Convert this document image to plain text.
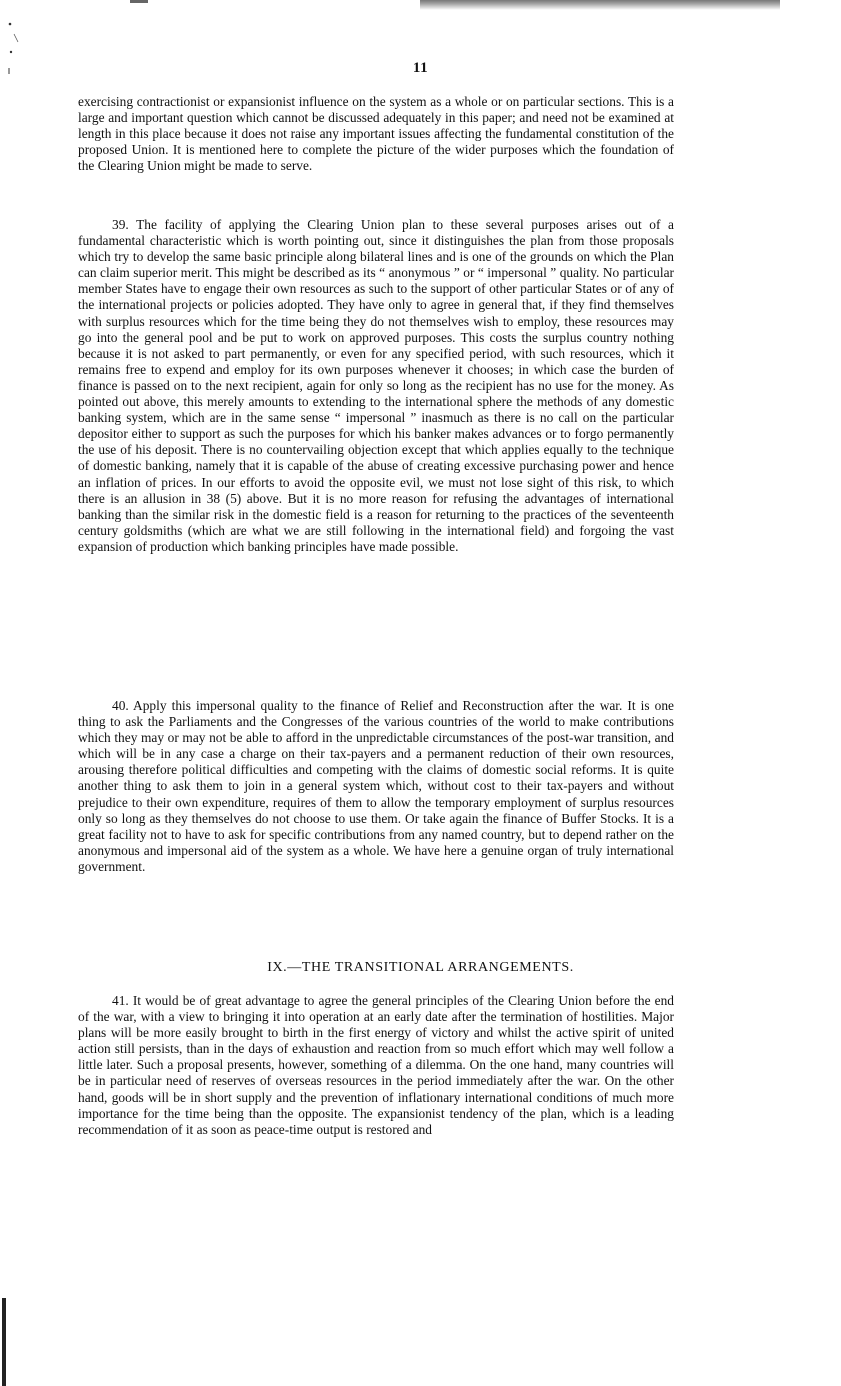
11

exercising contractionist or expansionist influence on the system as a whole or on particular sections. This is a large and important question which cannot be discussed adequately in this paper; and need not be examined at length in this place because it does not raise any important issues affecting the fundamental constitution of the proposed Union. It is mentioned here to complete the picture of the wider purposes which the foundation of the Clearing Union might be made to serve.

39. The facility of applying the Clearing Union plan to these several purposes arises out of a fundamental characteristic which is worth pointing out, since it distinguishes the plan from those proposals which try to develop the same basic principle along bilateral lines and is one of the grounds on which the Plan can claim superior merit. This might be described as its “ anonymous ” or “ impersonal ” quality. No particular member States have to engage their own resources as such to the support of other particular States or of any of the international projects or policies adopted. They have only to agree in general that, if they find themselves with surplus resources which for the time being they do not themselves wish to employ, these resources may go into the general pool and be put to work on approved purposes. This costs the surplus country nothing because it is not asked to part permanently, or even for any specified period, with such resources, which it remains free to expend and employ for its own purposes whenever it chooses; in which case the burden of finance is passed on to the next recipient, again for only so long as the recipient has no use for the money. As pointed out above, this merely amounts to extending to the international sphere the methods of any domestic banking system, which are in the same sense “ impersonal ” inasmuch as there is no call on the particular depositor either to support as such the purposes for which his banker makes advances or to forgo permanently the use of his deposit. There is no countervailing objection except that which applies equally to the technique of domestic banking, namely that it is capable of the abuse of creating excessive purchasing power and hence an inflation of prices. In our efforts to avoid the opposite evil, we must not lose sight of this risk, to which there is an allusion in 38 (5) above. But it is no more reason for refusing the advantages of international banking than the similar risk in the domestic field is a reason for returning to the practices of the seventeenth century goldsmiths (which are what we are still following in the international field) and forgoing the vast expansion of production which banking principles have made possible.

40. Apply this impersonal quality to the finance of Relief and Reconstruction after the war. It is one thing to ask the Parliaments and the Congresses of the various countries of the world to make contributions which they may or may not be able to afford in the unpredictable circumstances of the post-war transition, and which will be in any case a charge on their tax-payers and a permanent reduction of their own resources, arousing therefore political difficulties and competing with the claims of domestic social reforms. It is quite another thing to ask them to join in a general system which, without cost to their tax-payers and without prejudice to their own expenditure, requires of them to allow the temporary employment of surplus resources only so long as they themselves do not choose to use them. Or take again the finance of Buffer Stocks. It is a great facility not to have to ask for specific contributions from any named country, but to depend rather on the anonymous and impersonal aid of the system as a whole. We have here a genuine organ of truly international government.

IX.—THE TRANSITIONAL ARRANGEMENTS.

41. It would be of great advantage to agree the general principles of the Clearing Union before the end of the war, with a view to bringing it into operation at an early date after the termination of hostilities. Major plans will be more easily brought to birth in the first energy of victory and whilst the active spirit of united action still persists, than in the days of exhaustion and reaction from so much effort which may well follow a little later. Such a proposal presents, however, something of a dilemma. On the one hand, many countries will be in particular need of reserves of overseas resources in the period immediately after the war. On the other hand, goods will be in short supply and the prevention of inflationary international conditions of much more importance for the time being than the opposite. The expansionist tendency of the plan, which is a leading recommendation of it as soon as peace-time output is restored and
